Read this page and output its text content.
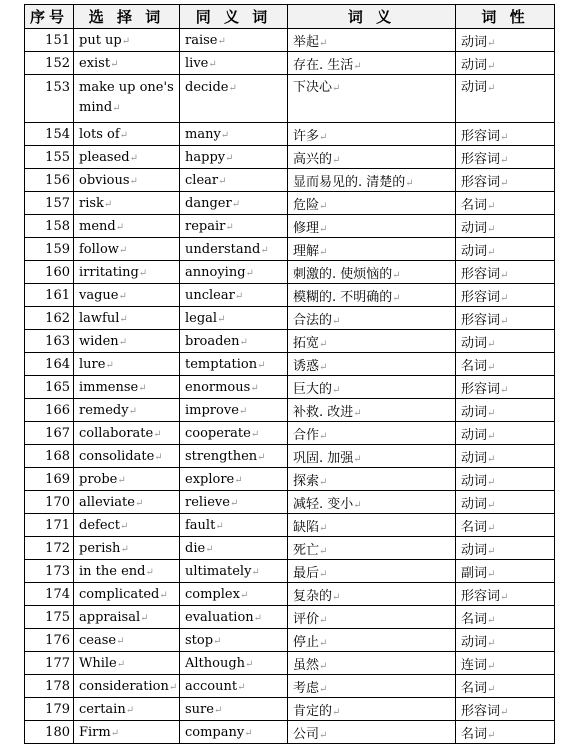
序号	选 择 词	同 义 词	词 义	词 性
151	put up↵	raise↵	举起↵	动词↵
152	exist↵	live↵	存在. 生活↵	动词↵
153	make up one's mind↵	decide↵	下决心↵	动词↵
154	lots of↵	many↵	许多↵	形容词↵
155	pleased↵	happy↵	高兴的↵	形容词↵
156	obvious↵	clear↵	显而易见的. 清楚的↵	形容词↵
157	risk↵	danger↵	危险↵	名词↵
158	mend↵	repair↵	修理↵	动词↵
159	follow↵	understand↵	理解↵	动词↵
160	irritating↵	annoying↵	刺激的. 使烦恼的↵	形容词↵
161	vague↵	unclear↵	模糊的. 不明确的↵	形容词↵
162	lawful↵	legal↵	合法的↵	形容词↵
163	widen↵	broaden↵	拓宽↵	动词↵
164	lure↵	temptation↵	诱惑↵	名词↵
165	immense↵	enormous↵	巨大的↵	形容词↵
166	remedy↵	improve↵	补救. 改进↵	动词↵
167	collaborate↵	cooperate↵	合作↵	动词↵
168	consolidate↵	strengthen↵	巩固. 加强↵	动词↵
169	probe↵	explore↵	探索↵	动词↵
170	alleviate↵	relieve↵	减轻. 变小↵	动词↵
171	defect↵	fault↵	缺陷↵	名词↵
172	perish↵	die↵	死亡↵	动词↵
173	in the end↵	ultimately↵	最后↵	副词↵
174	complicated↵	complex↵	复杂的↵	形容词↵
175	appraisal↵	evaluation↵	评价↵	名词↵
176	cease↵	stop↵	停止↵	动词↵
177	While↵	Although↵	虽然↵	连词↵
178	consideration↵	account↵	考虑↵	名词↵
179	certain↵	sure↵	肯定的↵	形容词↵
180	Firm↵	company↵	公司↵	名词↵
